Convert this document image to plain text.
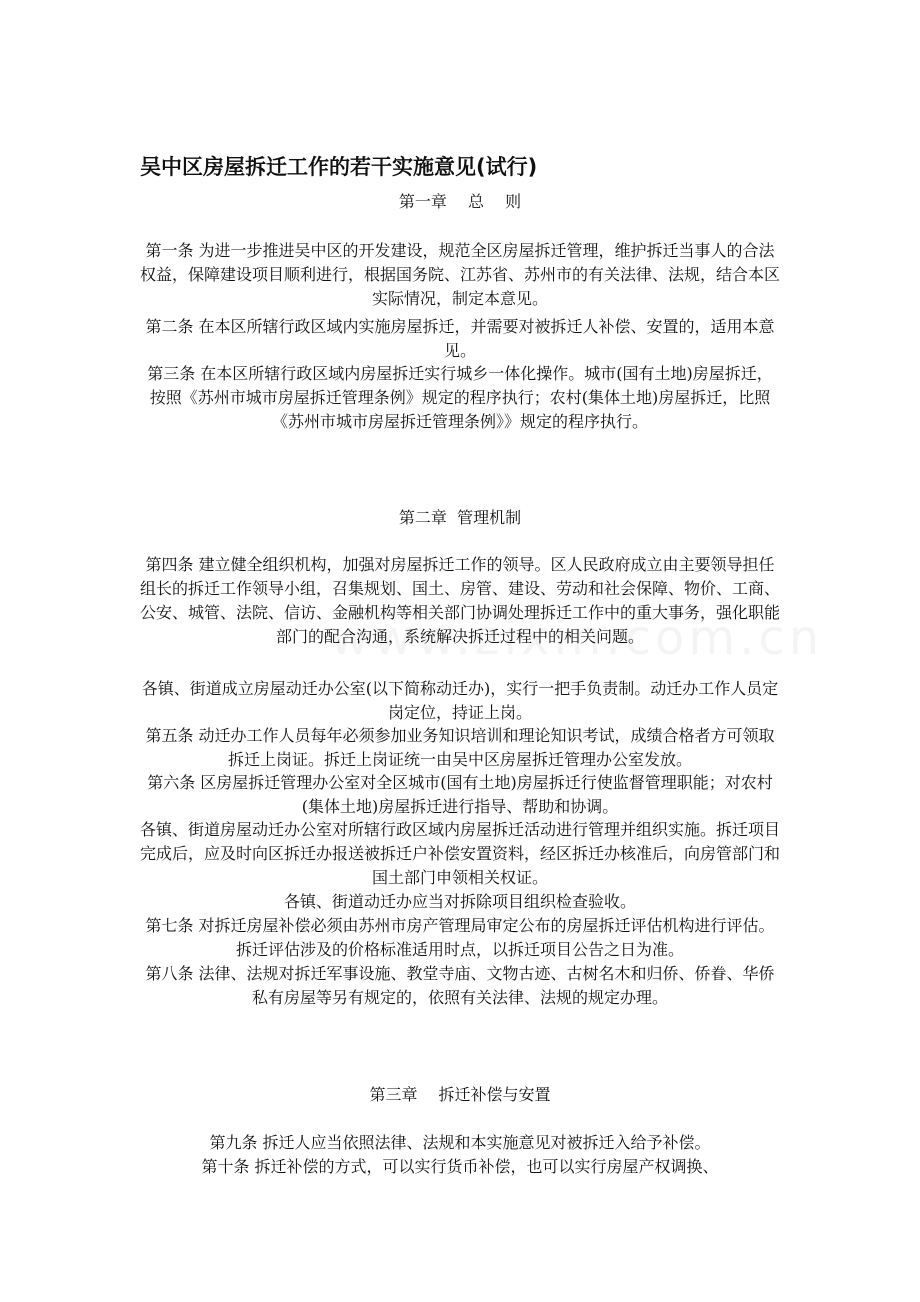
吴中区房屋拆迁工作的若干实施意见(试行)
第一章　 总　 则

第一条 为进一步推进吴中区的开发建设，规范全区房屋拆迁管理，维护拆迁当事人的合法权益，保障建设项目顺利进行，根据国务院、江苏省、苏州市的有关法律、法规，结合本区实际情况，制定本意见。

第二条 在本区所辖行政区域内实施房屋拆迁，并需要对被拆迁人补偿、安置的，适用本意见。

第三条 在本区所辖行政区域内房屋拆迁实行城乡一体化操作。城市(国有土地)房屋拆迁，按照《苏州市城市房屋拆迁管理条例》规定的程序执行；农村(集体土地)房屋拆迁，比照《苏州市城市房屋拆迁管理条例》》规定的程序执行。

第二章  管理机制

第四条 建立健全组织机构，加强对房屋拆迁工作的领导。区人民政府成立由主要领导担任组长的拆迁工作领导小组，召集规划、国土、房管、建设、劳动和社会保障、物价、工商、公安、城管、法院、信访、金融机构等相关部门协调处理拆迁工作中的重大事务，强化职能部门的配合沟通，系统解决拆迁过程中的相关问题。

各镇、街道成立房屋动迁办公室(以下简称动迁办)，实行一把手负责制。动迁办工作人员定岗定位，持证上岗。

第五条 动迁办工作人员每年必须参加业务知识培训和理论知识考试，成绩合格者方可领取拆迁上岗证。拆迁上岗证统一由吴中区房屋拆迁管理办公室发放。

第六条 区房屋拆迁管理办公室对全区城市(国有土地)房屋拆迁行使监督管理职能；对农村(集体土地)房屋拆迁进行指导、帮助和协调。

各镇、街道房屋动迁办公室对所辖行政区域内房屋拆迁活动进行管理并组织实施。拆迁项目完成后，应及时向区拆迁办报送被拆迁户补偿安置资料，经区拆迁办核准后，向房管部门和国土部门申领相关权证。

各镇、街道动迁办应当对拆除项目组织检查验收。

第七条 对拆迁房屋补偿必须由苏州市房产管理局审定公布的房屋拆迁评估机构进行评估。拆迁评估涉及的价格标准适用时点，以拆迁项目公告之日为准。

第八条 法律、法规对拆迁军事设施、教堂寺庙、文物古迹、古树名木和归侨、侨眷、华侨私有房屋等另有规定的，依照有关法律、法规的规定办理。

第三章　 拆迁补偿与安置

第九条 拆迁人应当依照法律、法规和本实施意见对被拆迁入给予补偿。

第十条 拆迁补偿的方式，可以实行货币补偿，也可以实行房屋产权调换、
